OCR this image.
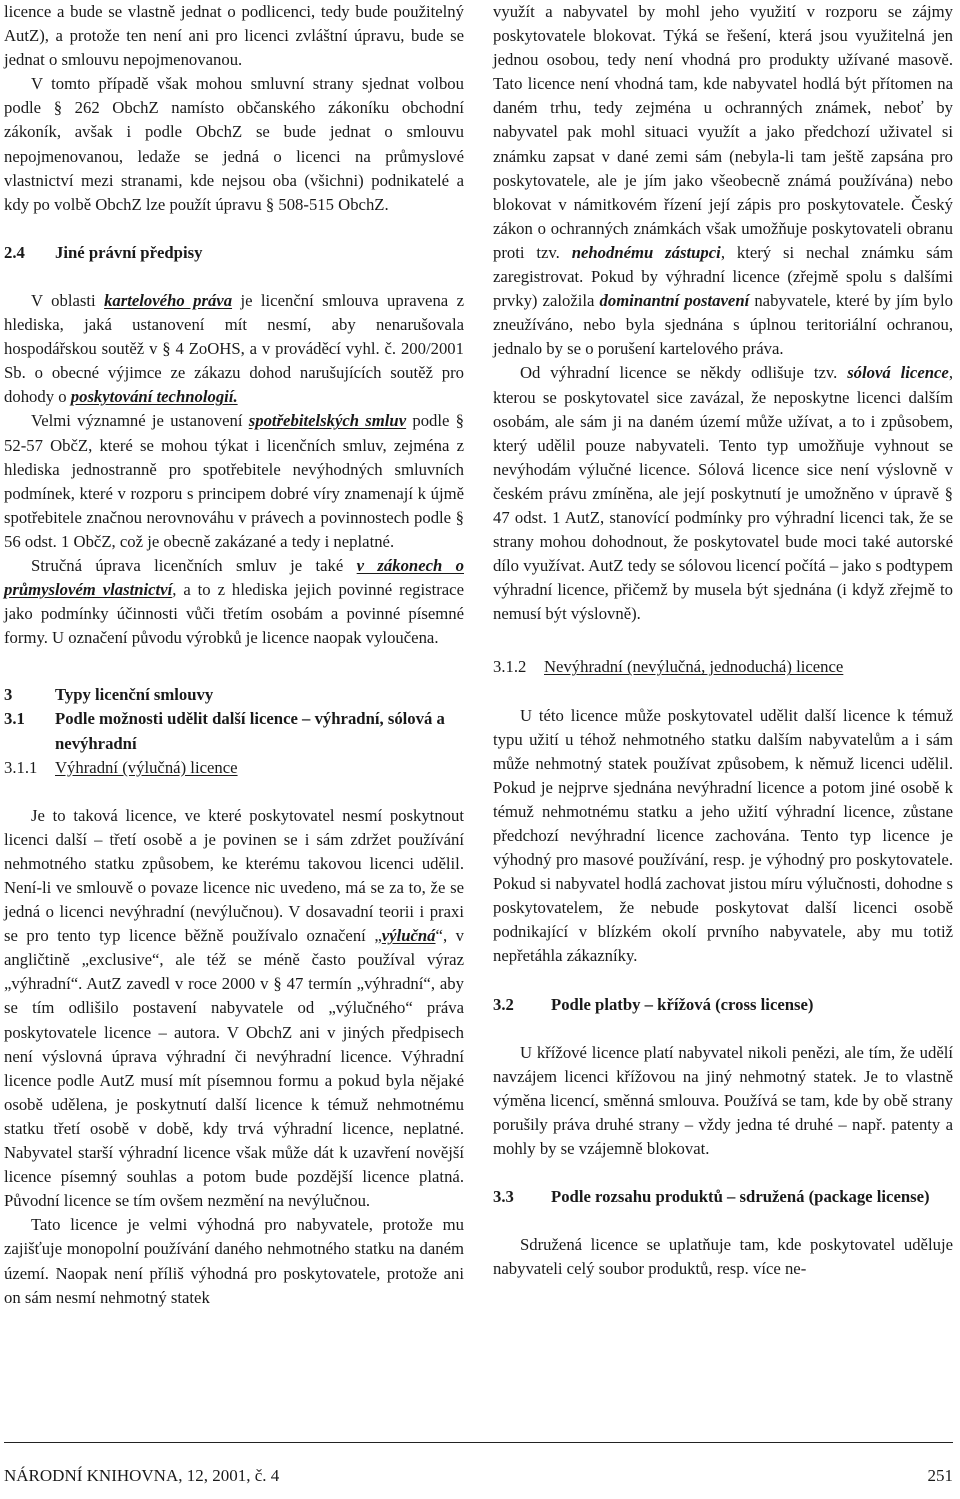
licence a bude se vlastně jednat o podlicenci, tedy bude použitelný AutZ), a protože ten není ani pro licenci zvláštní úpravu, bude se jednat o smlouvu nepojmenovanou.

V tomto případě však mohou smluvní strany sjednat volbou podle § 262 ObchZ namísto občanského zákoníku obchodní zákoník, avšak i podle ObchZ se bude jednat o smlouvu nepojmenovanou, ledaže se jedná o licenci na průmyslové vlastnictví mezi stranami, kde nejsou oba (všichni) podnikatelé a kdy po volbě ObchZ lze použít úpravu § 508-515 ObchZ.

2.4 Jiné právní předpisy

V oblasti kartelového práva je licenční smlouva upravena z hlediska, jaká ustanovení mít nesmí, aby nenarušovala hospodářskou soutěž v § 4 ZoOHS, a v prováděcí vyhl. č. 200/2001 Sb. o obecné výjimce ze zákazu dohod narušujících soutěž pro dohody o poskytování technologií.

Velmi významné je ustanovení spotřebitelských smluv podle § 52-57 ObčZ, které se mohou týkat i licenčních smluv, zejména z hlediska jednostranně pro spotřebitele nevýhodných smluvních podmínek, které v rozporu s principem dobré víry znamenají k újmě spotřebitele značnou nerovnováhu v právech a povinnostech podle § 56 odst. 1 ObčZ, což je obecně zakázané a tedy i neplatné.

Stručná úprava licenčních smluv je také v zákonech o průmyslovém vlastnictví, a to z hlediska jejich povinné registrace jako podmínky účinnosti vůči třetím osobám a povinné písemné formy. U označení původu výrobků je licence naopak vyloučena.

3	Typy licenční smlouvy
3.1	Podle možnosti udělit další licence – výhradní, sólová a nevýhradní
3.1.1 Výhradní (výlučná) licence

Je to taková licence, ve které poskytovatel nesmí poskytnout licenci další – třetí osobě a je povinen se i sám zdržet používání nehmotného statku způsobem, ke kterému takovou licenci udělil. Není-li ve smlouvě o povaze licence nic uvedeno, má se za to, že se jedná o licenci nevýhradní (nevýlučnou). V dosavadní teorii i praxi se pro tento typ licence běžně používalo označení „výlučná“, v angličtině „exclusive“, ale též se méně často používal výraz „výhradní“. AutZ zavedl v roce 2000 v § 47 termín „výhradní“, aby se tím odlišilo postavení nabyvatele od „výlučného“ práva poskytovatele licence – autora. V ObchZ ani v jiných předpisech není výslovná úprava výhradní či nevýhradní licence. Výhradní licence podle AutZ musí mít písemnou formu a pokud byla nějaké osobě udělena, je poskytnutí další licence k témuž nehmotnému statku třetí osobě v době, kdy trvá výhradní licence, neplatné. Nabyvatel starší výhradní licence však může dát k uzavření novější licence písemný souhlas a potom bude pozdější licence platná. Původní licence se tím ovšem nezmění na nevýlučnou.

Tato licence je velmi výhodná pro nabyvatele, protože mu zajišťuje monopolní používání daného nehmotného statku na daném území. Naopak není příliš výhodná pro poskytovatele, protože ani on sám nesmí nehmotný statek

využít a nabyvatel by mohl jeho využití v rozporu se zájmy poskytovatele blokovat. Týká se řešení, která jsou využitelná jen jednou osobou, tedy není vhodná pro produkty užívané masově. Tato licence není vhodná tam, kde nabyvatel hodlá být přítomen na daném trhu, tedy zejména u ochranných známek, neboť by nabyvatel pak mohl situaci využít a jako předchozí uživatel si známku zapsat v dané zemi sám (nebyla-li tam ještě zapsána pro poskytovatele, ale je jím jako všeobecně známá používána) nebo blokovat v námitkovém řízení její zápis pro poskytovatele. Český zákon o ochranných známkách však umožňuje poskytovateli obranu proti tzv. nehodnému zástupci, který si nechal známku sám zaregistrovat. Pokud by výhradní licence (zřejmě spolu s dalšími prvky) založila dominantní postavení nabyvatele, které by jím bylo zneužíváno, nebo byla sjednána s úplnou teritoriální ochranou, jednalo by se o porušení kartelového práva.

Od výhradní licence se někdy odlišuje tzv. sólová licence, kterou se poskytovatel sice zavázal, že neposkytne licenci dalším osobám, ale sám ji na daném území může užívat, a to i způsobem, který udělil pouze nabyvateli. Tento typ umožňuje vyhnout se nevýhodám výlučné licence. Sólová licence sice není výslovně v českém právu zmíněna, ale její poskytnutí je umožněno v úpravě § 47 odst. 1 AutZ, stanovící podmínky pro výhradní licenci tak, že se strany mohou dohodnout, že poskytovatel bude moci také autorské dílo využívat. AutZ tedy se sólovou licencí počítá – jako s podtypem výhradní licence, přičemž by musela být sjednána (i když zřejmě to nemusí být výslovně).

3.1.2 Nevýhradní (nevýlučná, jednoduchá) licence

U této licence může poskytovatel udělit další licence k témuž typu užití u téhož nehmotného statku dalším nabyvatelům a i sám může nehmotný statek používat způsobem, k němuž licenci udělil. Pokud je nejprve sjednána nevýhradní licence a potom jiné osobě k témuž nehmotnému statku a jeho užití výhradní licence, zůstane předchozí nevýhradní licence zachována. Tento typ licence je výhodný pro masové používání, resp. je výhodný pro poskytovatele. Pokud si nabyvatel hodlá zachovat jistou míru výlučnosti, dohodne s poskytovatelem, že nebude poskytovat další licenci osobě podnikající v blízkém okolí prvního nabyvatele, aby mu totiž nepřetáhla zákazníky.

3.2 Podle platby – křížová (cross license)

U křížové licence platí nabyvatel nikoli penězi, ale tím, že udělí navzájem licenci křížovou na jiný nehmotný statek. Je to vlastně výměna licencí, směnná smlouva. Používá se tam, kde by obě strany porušily práva druhé strany – vždy jedna té druhé – např. patenty a mohly by se vzájemně blokovat.

3.3	Podle rozsahu produktů – sdružená (package license)

Sdružená licence se uplatňuje tam, kde poskytovatel uděluje nabyvateli celý soubor produktů, resp. více ne-

NÁRODNÍ KNIHOVNA, 12, 2001, č. 4	251
